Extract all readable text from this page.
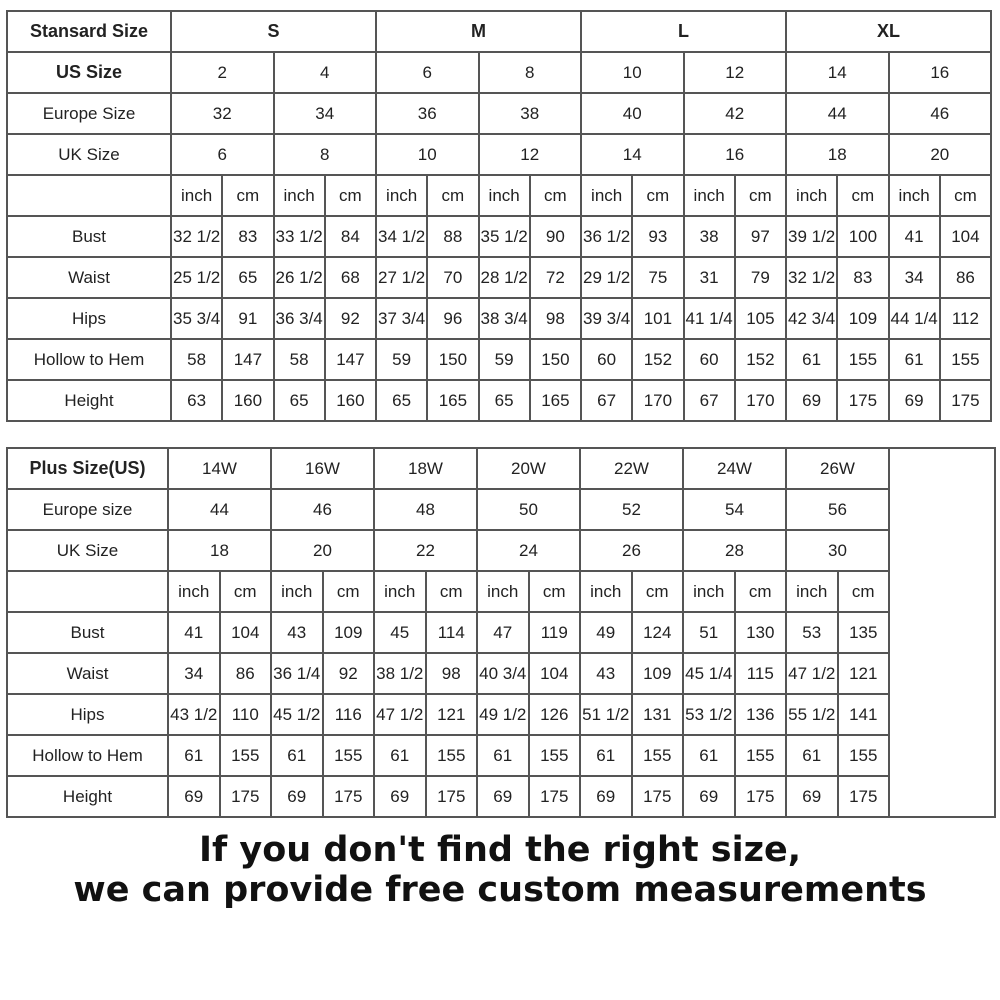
Stansard Size	S				M				L				XL			
US Size	2		4		6		8		10		12		14		16	
Europe Size	32		34		36		38		40		42		44		46	
UK Size	6		8		10		12		14		16		18		20	
	inch	cm	inch	cm	inch	cm	inch	cm	inch	cm	inch	cm	inch	cm	inch	cm
Bust	32 1/2	83	33 1/2	84	34 1/2	88	35 1/2	90	36 1/2	93	38	97	39 1/2	100	41	104
Waist	25 1/2	65	26 1/2	68	27 1/2	70	28 1/2	72	29 1/2	75	31	79	32 1/2	83	34	86
Hips	35 3/4	91	36 3/4	92	37 3/4	96	38 3/4	98	39 3/4	101	41 1/4	105	42 3/4	109	44 1/4	112
Hollow to Hem	58	147	58	147	59	150	59	150	60	152	60	152	61	155	61	155
Height	63	160	65	160	65	165	65	165	67	170	67	170	69	175	69	175
Plus Size(US)	14W		16W		18W		20W		22W		24W		26W		
Europe size	44		46		48		50		52		54		56		
UK Size	18		20		22		24		26		28		30		
	inch	cm	inch	cm	inch	cm	inch	cm	inch	cm	inch	cm	inch	cm	
Bust	41	104	43	109	45	114	47	119	49	124	51	130	53	135	
Waist	34	86	36 1/4	92	38 1/2	98	40 3/4	104	43	109	45 1/4	115	47 1/2	121	
Hips	43 1/2	110	45 1/2	116	47 1/2	121	49 1/2	126	51 1/2	131	53 1/2	136	55 1/2	141	
Hollow to Hem	61	155	61	155	61	155	61	155	61	155	61	155	61	155	
Height	69	175	69	175	69	175	69	175	69	175	69	175	69	175	
If you don't find the right size,
we can provide free custom measurements
